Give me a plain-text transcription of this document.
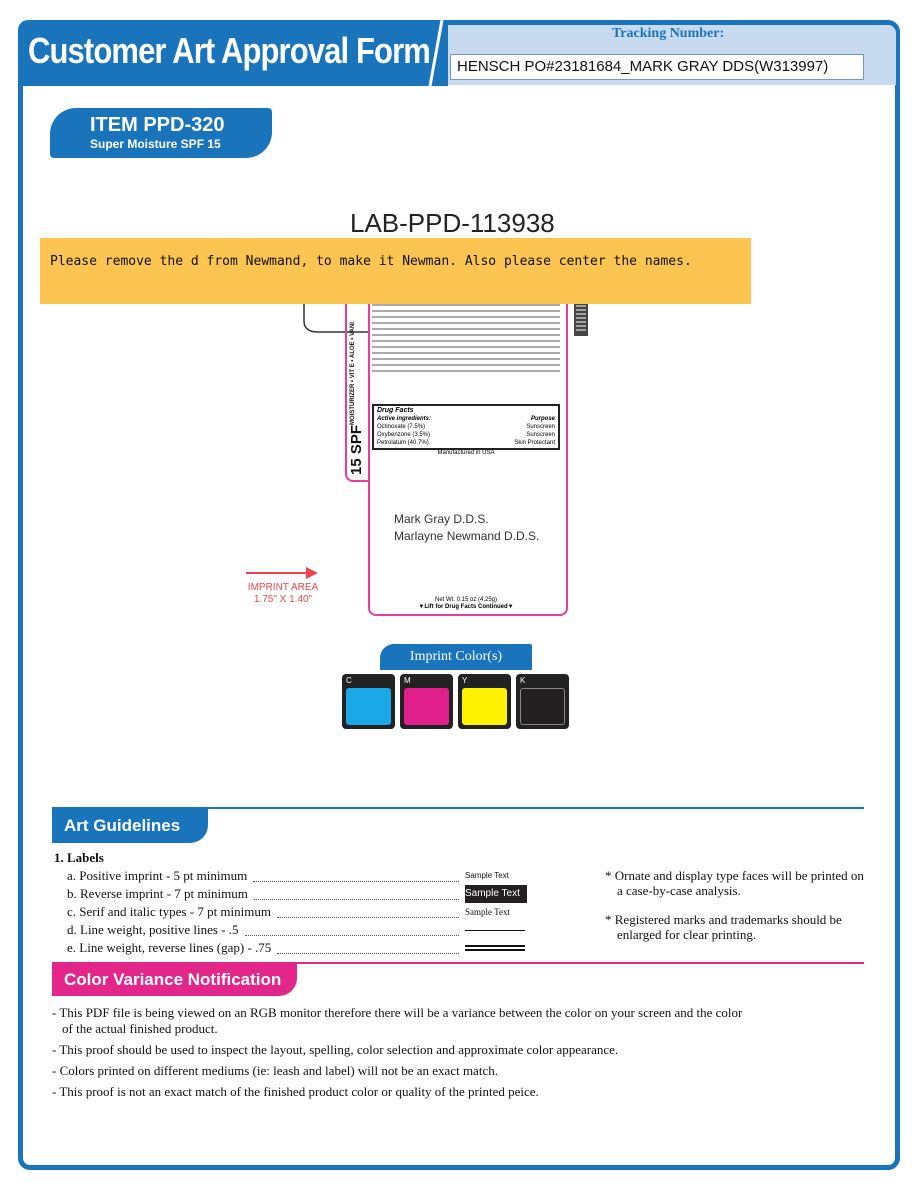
Customer Art Approval Form	Tracking Number:
HENSCH PO#23181684_MARK GRAY DDS(W313997)
ITEM PPD-320
Super Moisture SPF 15
LAB-PPD-113938
15 SPF
MOISTURIZER • VIT E • ALOE • VANI	Drug Facts
Active ingredients:	Purpose
Octinoxate (7.5%)	Sunscreen
Oxybenzone (3.5%)	Sunscreen
Petrolatum (40.7%)	Skin Protectant
Manufactured in USA
Mark Gray D.D.S.
Marlayne Newmand D.D.S.
Net Wt. 0.15 oz (4.25g)
▼Lift for Drug Facts Continued▼
IMPRINT AREA
1.75" X 1.40"
Imprint Color(s)
C	M	Y	K
Please remove the d from Newmand, to make it Newman. Also please center the names.
Art Guidelines
1. Labels
a. Positive imprint - 5 pt minimum	Sample Text
b. Reverse imprint - 7 pt minimum	Sample Text
c. Serif and italic types - 7 pt minimum	Sample Text
d. Line weight, positive lines - .5
e. Line weight, reverse lines (gap) - .75

* Ornate and display type faces will be printed on a case-by-case analysis.

* Registered marks and trademarks should be enlarged for clear printing.

Color Variance Notification

- This PDF file is being viewed on an RGB monitor therefore there will be a variance between the color on your screen and the color of the actual finished product.

- This proof should be used to inspect the layout, spelling, color selection and approximate color appearance.

- Colors printed on different mediums (ie: leash and label) will not be an exact match.

- This proof is not an exact match of the finished product color or quality of the printed peice.
